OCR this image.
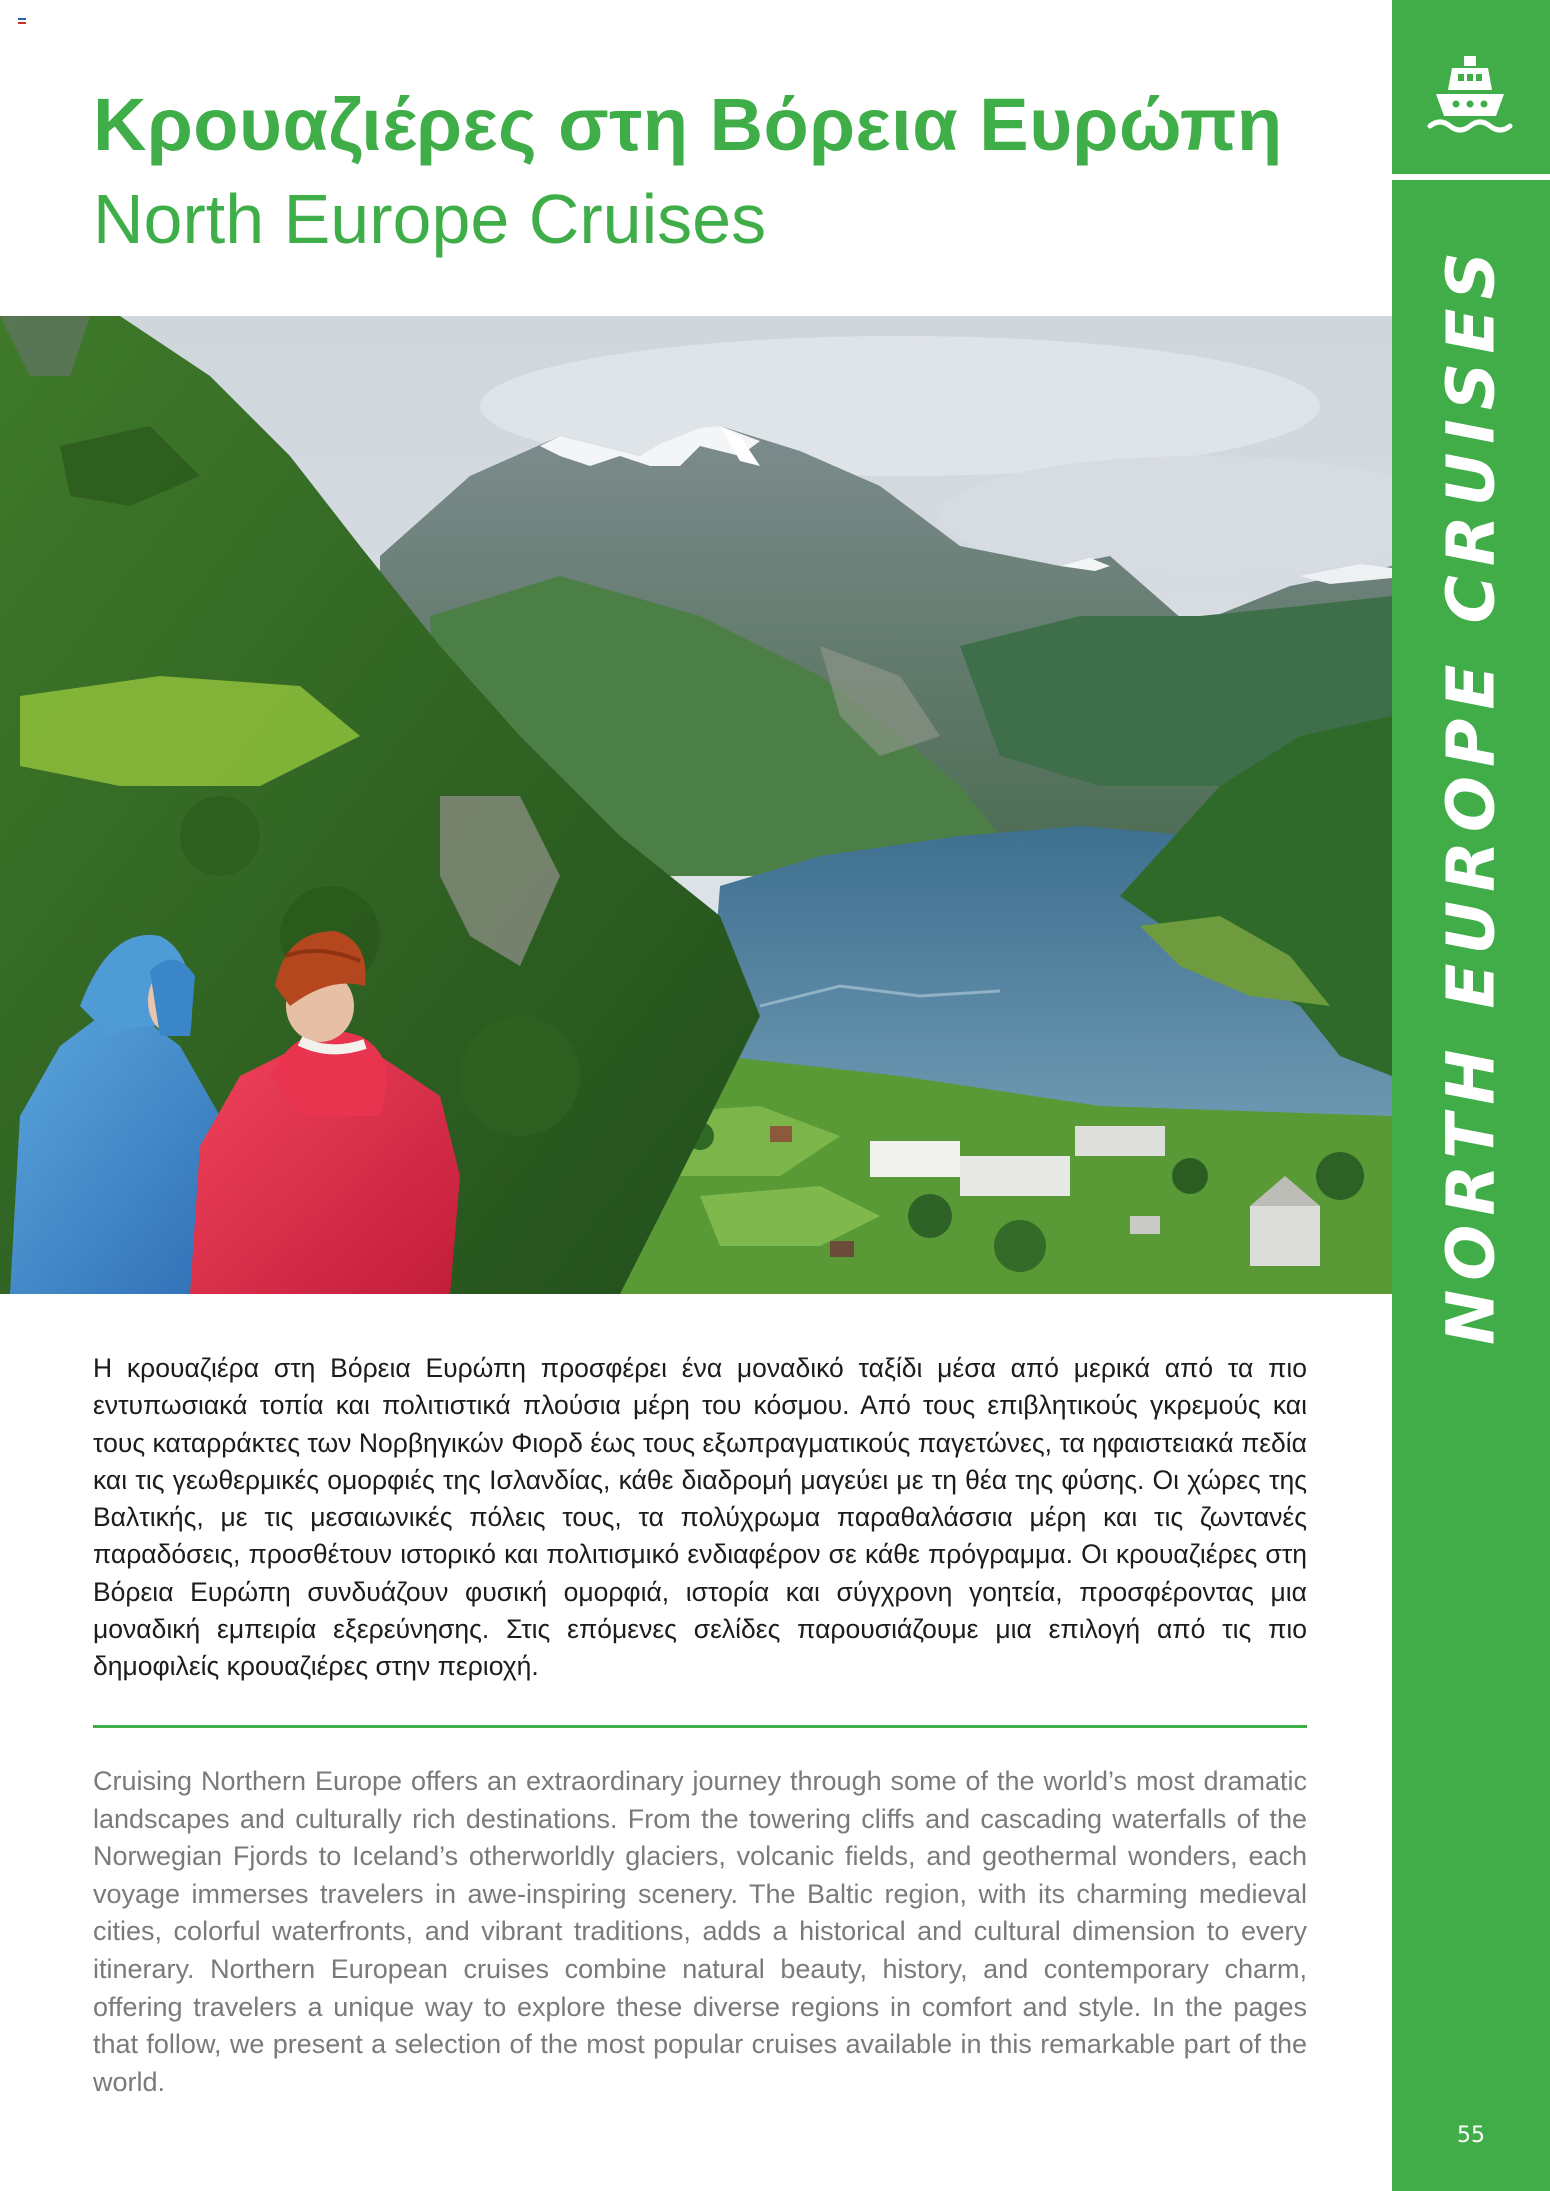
Κρουαζιέρες στη Βόρεια Ευρώπη
North Europe Cruises

Η κρουαζιέρα στη Βόρεια Ευρώπη προσφέρει ένα μοναδικό ταξίδι μέσα από μερικά από τα πιο εντυπωσιακά τοπία και πολιτιστικά πλούσια μέρη του κόσμου. Από τους επιβλητικούς γκρεμούς και τους καταρράκτες των Νορβηγικών Φιορδ έως τους εξωπραγματικούς παγετώνες, τα ηφαιστειακά πεδία και τις γεωθερμικές ομορφιές της Ισλανδίας, κάθε διαδρομή μαγεύει με τη θέα της φύσης. Οι χώρες της Βαλτικής, με τις μεσαιωνικές πόλεις τους, τα πολύχρωμα παραθαλάσσια μέρη και τις ζωντανές παραδόσεις, προσθέτουν ιστορικό και πολιτισμικό ενδιαφέρον σε κάθε πρόγραμμα. Οι κρουαζιέρες στη Βόρεια Ευρώπη συνδυάζουν φυσική ομορφιά, ιστορία και σύγχρονη γοητεία, προσφέροντας μια μοναδική εμπειρία εξερεύνησης. Στις επόμενες σελίδες παρουσιάζουμε μια επιλογή από τις πιο δημοφιλείς κρουαζιέρες στην περιοχή.

Cruising Northern Europe offers an extraordinary journey through some of the world’s most dramatic landscapes and culturally rich destinations. From the towering cliffs and cascading waterfalls of the Norwegian Fjords to Iceland’s otherworldly glaciers, volcanic fields, and geothermal wonders, each voyage immerses travelers in awe-inspiring scenery. The Baltic region, with its charming medieval cities, colorful waterfronts, and vibrant traditions, adds a historical and cultural dimension to every itinerary. Northern European cruises combine natural beauty, history, and contemporary charm, offering travelers a unique way to explore these diverse regions in comfort and style. In the pages that follow, we present a selection of the most popular cruises available in this remarkable part of the world.

NORTH EUROPE CRUISES
55
